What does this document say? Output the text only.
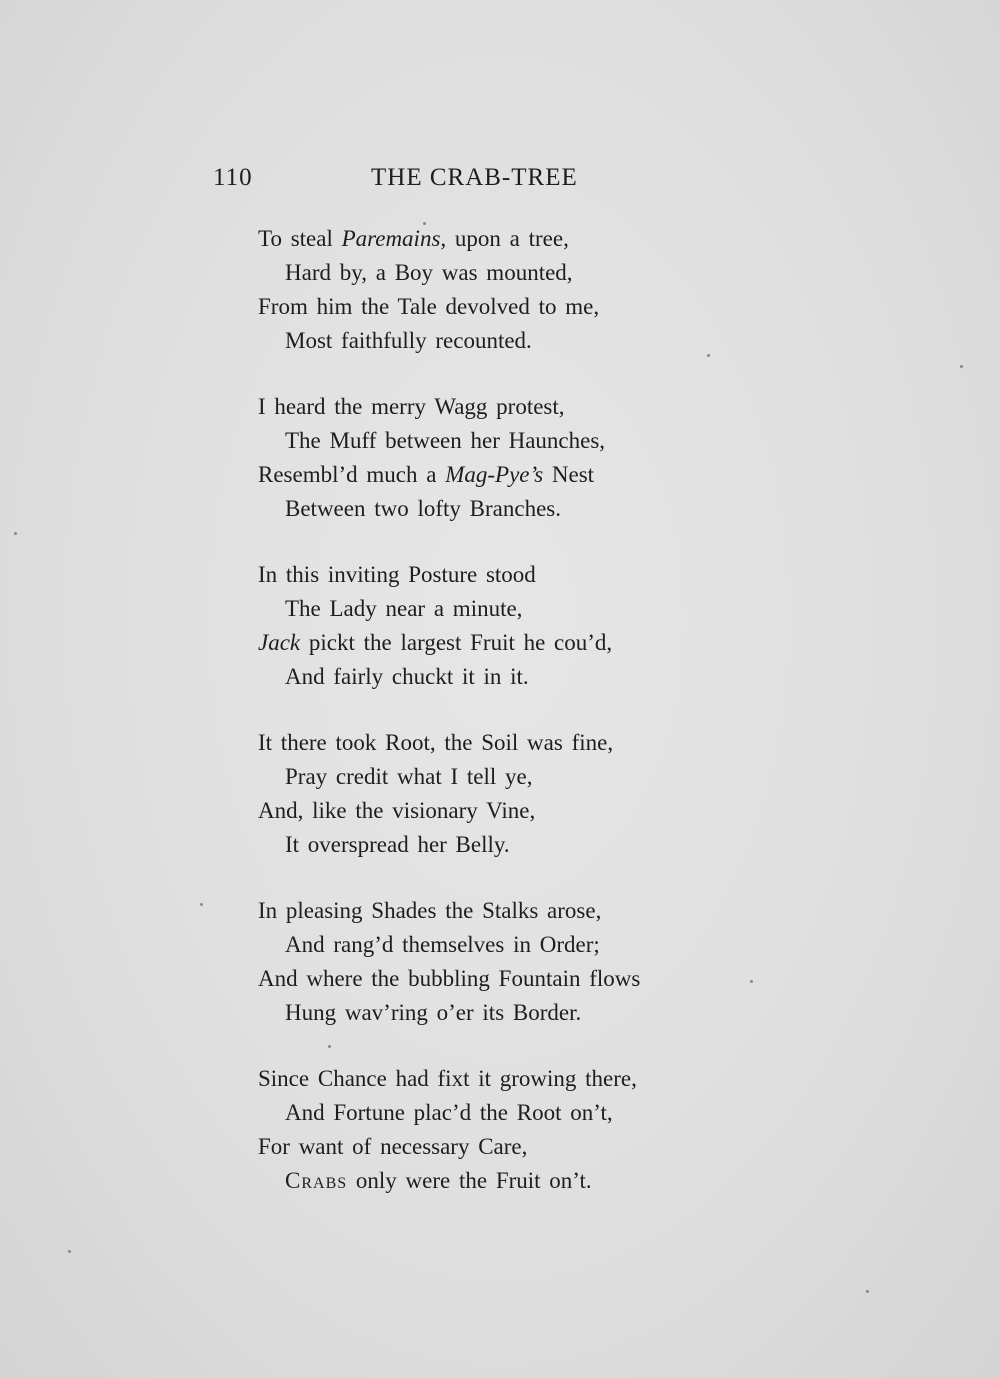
110	THE CRAB-TREE
To steal Paremains, upon a tree,
Hard by, a Boy was mounted,
From him the Tale devolved to me,
Most faithfully recounted.
I heard the merry Wagg protest,
The Muff between her Haunches,
Resembl’d much a Mag-Pye’s Nest
Between two lofty Branches.
In this inviting Posture stood
The Lady near a minute,
Jack pickt the largest Fruit he cou’d,
And fairly chuckt it in it.
It there took Root, the Soil was fine,
Pray credit what I tell ye,
And, like the visionary Vine,
It overspread her Belly.
In pleasing Shades the Stalks arose,
And rang’d themselves in Order;
And where the bubbling Fountain flows
Hung wav’ring o’er its Border.
Since Chance had fixt it growing there,
And Fortune plac’d the Root on’t,
For want of necessary Care,
Crabs only were the Fruit on’t.
